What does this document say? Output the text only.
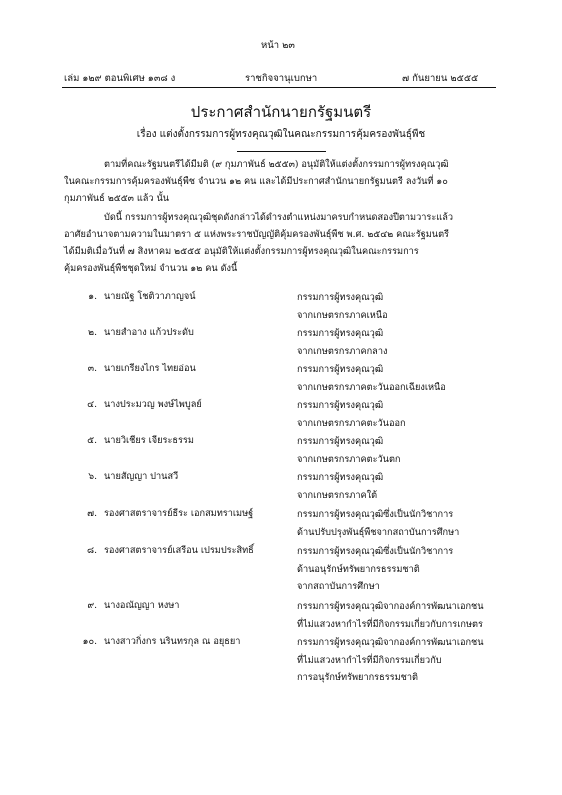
หน้า ๒๓
เล่ม ๑๒๙ ตอนพิเศษ ๑๓๘ ง	ราชกิจจานุเบกษา	๗ กันยายน ๒๕๕๕
ประกาศสำนักนายกรัฐมนตรี
เรื่อง แต่งตั้งกรรมการผู้ทรงคุณวุฒิในคณะกรรมการคุ้มครองพันธุ์พืช
ตามที่คณะรัฐมนตรีได้มีมติ (๙ กุมภาพันธ์ ๒๕๕๓) อนุมัติให้แต่งตั้งกรรมการผู้ทรงคุณวุฒิ
ในคณะกรรมการคุ้มครองพันธุ์พืช จำนวน ๑๒ คน และได้มีประกาศสำนักนายกรัฐมนตรี ลงวันที่ ๑๐
กุมภาพันธ์ ๒๕๕๓ แล้ว นั้น
บัดนี้ กรรมการผู้ทรงคุณวุฒิชุดดังกล่าวได้ดำรงตำแหน่งมาครบกำหนดสองปีตามวาระแล้ว
อาศัยอำนาจตามความในมาตรา ๕ แห่งพระราชบัญญัติคุ้มครองพันธุ์พืช พ.ศ. ๒๕๔๒ คณะรัฐมนตรี
ได้มีมติเมื่อวันที่ ๗ สิงหาคม ๒๕๕๕ อนุมัติให้แต่งตั้งกรรมการผู้ทรงคุณวุฒิในคณะกรรมการ
คุ้มครองพันธุ์พืชชุดใหม่ จำนวน ๑๒ คน ดังนี้
๑. นายณัฐ โชติวาภาญจน์	กรรมการผู้ทรงคุณวุฒิ
จากเกษตรกรภาคเหนือ
๒. นายสำอาง แก้วประดับ	กรรมการผู้ทรงคุณวุฒิ
จากเกษตรกรภาคกลาง
๓. นายเกรียงไกร ไทยอ่อน	กรรมการผู้ทรงคุณวุฒิ
จากเกษตรกรภาคตะวันออกเฉียงเหนือ
๔. นางประมวญ พงษ์ไพบูลย์	กรรมการผู้ทรงคุณวุฒิ
จากเกษตรกรภาคตะวันออก
๕. นายวิเชียร เจียระธรรม	กรรมการผู้ทรงคุณวุฒิ
จากเกษตรกรภาคตะวันตก
๖. นายสัญญา ปานสวี	กรรมการผู้ทรงคุณวุฒิ
จากเกษตรกรภาคใต้
๗. รองศาสตราจารย์ธีระ เอกสมทราเมษฐ์	กรรมการผู้ทรงคุณวุฒิซึ่งเป็นนักวิชาการ
ด้านปรับปรุงพันธุ์พืชจากสถาบันการศึกษา
๘. รองศาสตราจารย์เสรีอน เปรมประสิทธิ์	กรรมการผู้ทรงคุณวุฒิซึ่งเป็นนักวิชาการ
ด้านอนุรักษ์ทรัพยากรธรรมชาติ
จากสถาบันการศึกษา
๙. นางอณัญญา หงษา	กรรมการผู้ทรงคุณวุฒิจากองค์การพัฒนาเอกชน
ที่ไม่แสวงหากำไรที่มีกิจกรรมเกี่ยวกับการเกษตร
๑๐. นางสาวกิ่งกร นรินทรกุล ณ อยุธยา	กรรมการผู้ทรงคุณวุฒิจากองค์การพัฒนาเอกชน
ที่ไม่แสวงหากำไรที่มีกิจกรรมเกี่ยวกับ
การอนุรักษ์ทรัพยากรธรรมชาติ
